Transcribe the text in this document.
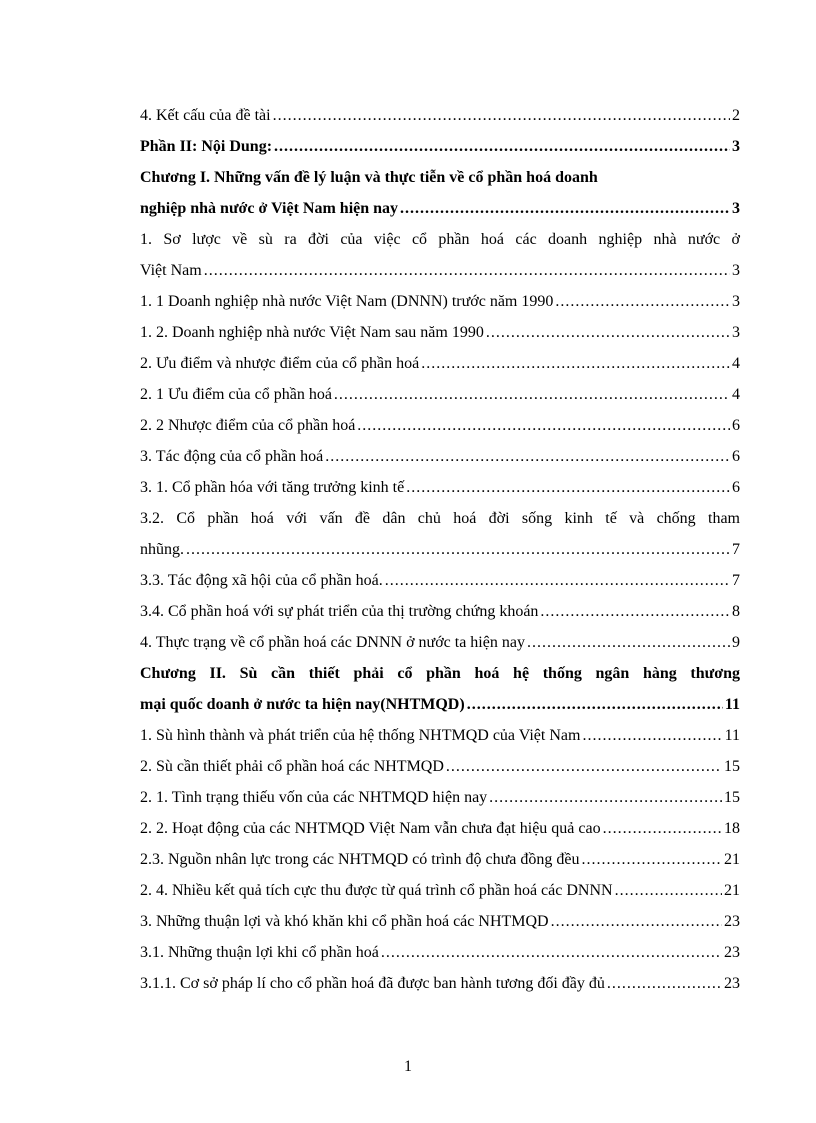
4. Kết cấu của đề tài .....	2
Phần II: Nội Dung: .....	3
Chương I. Những vấn đề lý luận và thực tiễn về cổ phần hoá doanh
nghiệp nhà nước ở Việt Nam hiện nay .....	3
1. Sơ lược về sù ra đời của việc cổ phần hoá các doanh nghiệp nhà nước ở
Việt Nam .....	3
1. 1 Doanh nghiệp nhà nước Việt Nam (DNNN) trước năm 1990 .....	3
1. 2. Doanh nghiệp nhà nước Việt Nam sau năm 1990 .....	3
2. Ưu điểm và nhược điểm của cổ phần hoá .....	4
2. 1 Ưu điểm của cổ phần hoá .....	4
2. 2 Nhược điểm của cổ phần hoá .....	6
3. Tác động của cổ phần hoá .....	6
3. 1. Cổ phần hóa với tăng trưởng kinh tế .....	6
3.2. Cổ phần hoá với vấn đề dân chủ hoá đời sống kinh tế và chống tham
nhũng. .....	7
3.3. Tác động xã hội của cổ phần hoá. .....	7
3.4. Cổ phần hoá với sự phát triển của thị trường chứng khoán .....	8
4. Thực trạng về cổ phần hoá các DNNN ở nước ta hiện nay .....	9
Chương II. Sù cần thiết phải cổ phần hoá hệ thống ngân hàng thương
mại quốc doanh ở nước ta hiện nay(NHTMQD) .....	11
1. Sù hình thành và phát triển của hệ thống NHTMQD của Việt Nam .....	11
2. Sù cần thiết phải cổ phần hoá các NHTMQD .....	15
2. 1. Tình trạng thiếu vốn của các NHTMQD hiện nay .....	15
2. 2. Hoạt động của các NHTMQD Việt Nam vẫn chưa đạt hiệu quả cao .....	18
2.3. Nguồn nhân lực trong các NHTMQD có trình độ chưa đồng đều .....	21
2. 4. Nhiều kết quả tích cực thu được từ quá trình cổ phần hoá các DNNN .....	21
3. Những thuận lợi và khó khăn khi cổ phần hoá các NHTMQD .....	23
3.1. Những thuận lợi khi cổ phần hoá .....	23
3.1.1. Cơ sở pháp lí cho cổ phần hoá đã được ban hành tương đối đầy đủ .....	23
1
